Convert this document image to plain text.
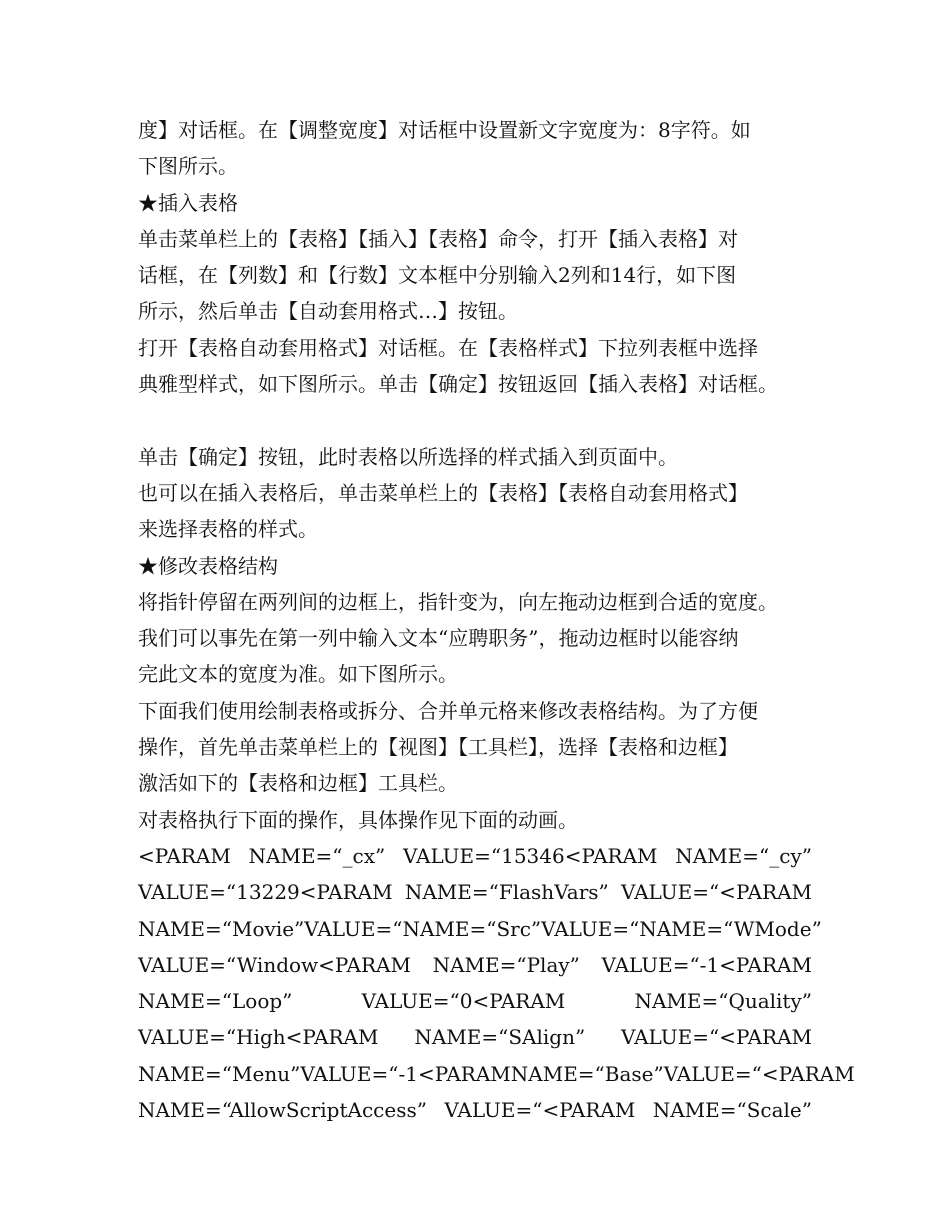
度】对话框。在【调整宽度】对话框中设置新文字宽度为：8字符。如
下图所示。
★插入表格
单击菜单栏上的【表格】【插入】【表格】命令，打开【插入表格】对
话框，在【列数】和【行数】文本框中分别输入2列和14行，如下图
所示，然后单击【自动套用格式…】按钮。
打开【表格自动套用格式】对话框。在【表格样式】下拉列表框中选择
典雅型样式，如下图所示。单击【确定】按钮返回【插入表格】对话框。
单击【确定】按钮，此时表格以所选择的样式插入到页面中。
也可以在插入表格后，单击菜单栏上的【表格】【表格自动套用格式】
来选择表格的样式。
★修改表格结构
将指针停留在两列间的边框上，指针变为，向左拖动边框到合适的宽度。
我们可以事先在第一列中输入文本“应聘职务”，拖动边框时以能容纳
完此文本的宽度为准。如下图所示。
下面我们使用绘制表格或拆分、合并单元格来修改表格结构。为了方便
操作，首先单击菜单栏上的【视图】【工具栏】，选择【表格和边框】
激活如下的【表格和边框】工具栏。
对表格执行下面的操作，具体操作见下面的动画。
<PARAM NAME=“_cx” VALUE=“15346<PARAM NAME=“_cy”
VALUE=“13229<PARAM NAME=“FlashVars” VALUE=“<PARAM
NAME=“Movie” VALUE=“ NAME=“Src” VALUE=“ NAME=“WMode”
VALUE=“Window<PARAM NAME=“Play” VALUE=“-1<PARAM
NAME=“Loop”	VALUE=“0<PARAM	NAME=“Quality”
VALUE=“High<PARAM NAME=“SAlign” VALUE=“<PARAM
NAME=“Menu” VALUE=“-1<PARAM NAME=“Base” VALUE=“<PARAM
NAME=“AllowScriptAccess” VALUE=“<PARAM NAME=“Scale”
